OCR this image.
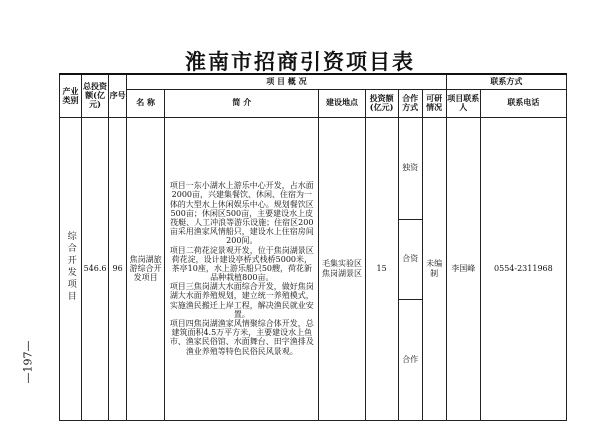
淮南市招商引资项目表
产业类别	总投资额(亿元)	序号	项 目 概 况						联系方式	
			名 称	简 介	建设地点	投资额(亿元)	合作方式	可研情况	项目联系人	联系电话
综合开发项目	546.6	96	焦岗湖旅游综合开发项目	项目一东小湖水上游乐中心开发，占水面2000亩，兴建集餐饮、休闲、住宿为一体的大型水上休闲娱乐中心。规划餐饮区500亩；休闲区500亩，主要建设水上皮筏艇、人工冲浪等游乐设施；住宿区200亩采用渔家风情船只，建设水上住宿房间200间。

项目二荷花淀景观开发，位于焦岗湖景区荷花淀，设计建设亭桥式栈桥5000米，茶亭10座，水上游乐船只50艘，荷花新品种栽植800亩。

项目三焦岗湖大水面综合开发，做好焦岗湖大水面养殖规划，建立统一养殖模式，实施渔民搬迁上岸工程，解决渔民就业安置。

项目四焦岗湖渔家风情聚综合体开发，总建筑面积4.5万平方米，主要建设水上鱼市、渔家民俗馆、水面舞台、田字渔排及渔业养殖等特色民俗民风景观。	毛集实验区焦岗湖景区	15	独资	未编制	李国峰	0554-2311968
							合资			
							合作			
—197—
